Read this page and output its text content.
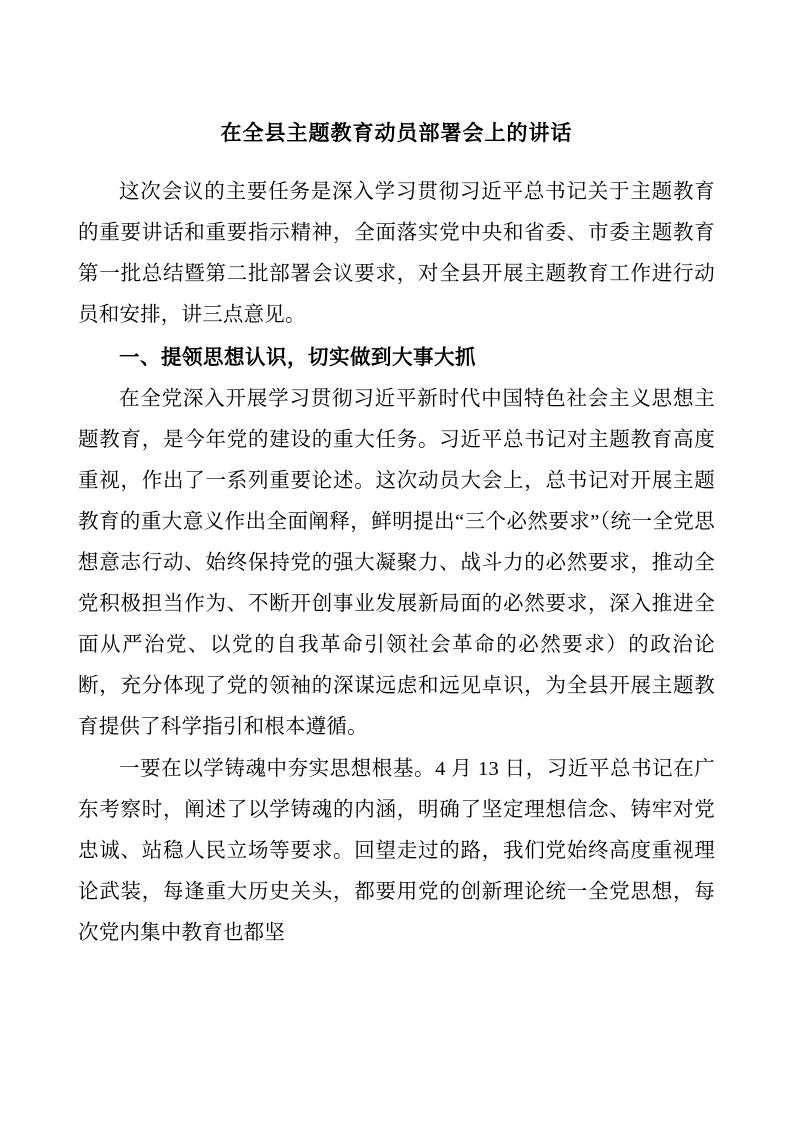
在全县主题教育动员部署会上的讲话

这次会议的主要任务是深入学习贯彻习近平总书记关于主题教育的重要讲话和重要指示精神，全面落实党中央和省委、市委主题教育第一批总结暨第二批部署会议要求，对全县开展主题教育工作进行动员和安排，讲三点意见。

一、提领思想认识，切实做到大事大抓

在全党深入开展学习贯彻习近平新时代中国特色社会主义思想主题教育，是今年党的建设的重大任务。习近平总书记对主题教育高度重视，作出了一系列重要论述。这次动员大会上，总书记对开展主题教育的重大意义作出全面阐释，鲜明提出“三个必然要求”（统一全党思想意志行动、始终保持党的强大凝聚力、战斗力的必然要求，推动全党积极担当作为、不断开创事业发展新局面的必然要求，深入推进全面从严治党、以党的自我革命引领社会革命的必然要求）的政治论断，充分体现了党的领袖的深谋远虑和远见卓识，为全县开展主题教育提供了科学指引和根本遵循。

一要在以学铸魂中夯实思想根基。4 月 13 日，习近平总书记在广东考察时，阐述了以学铸魂的内涵，明确了坚定理想信念、铸牢对党忠诚、站稳人民立场等要求。回望走过的路，我们党始终高度重视理论武装，每逢重大历史关头，都要用党的创新理论统一全党思想，每次党内集中教育也都坚
